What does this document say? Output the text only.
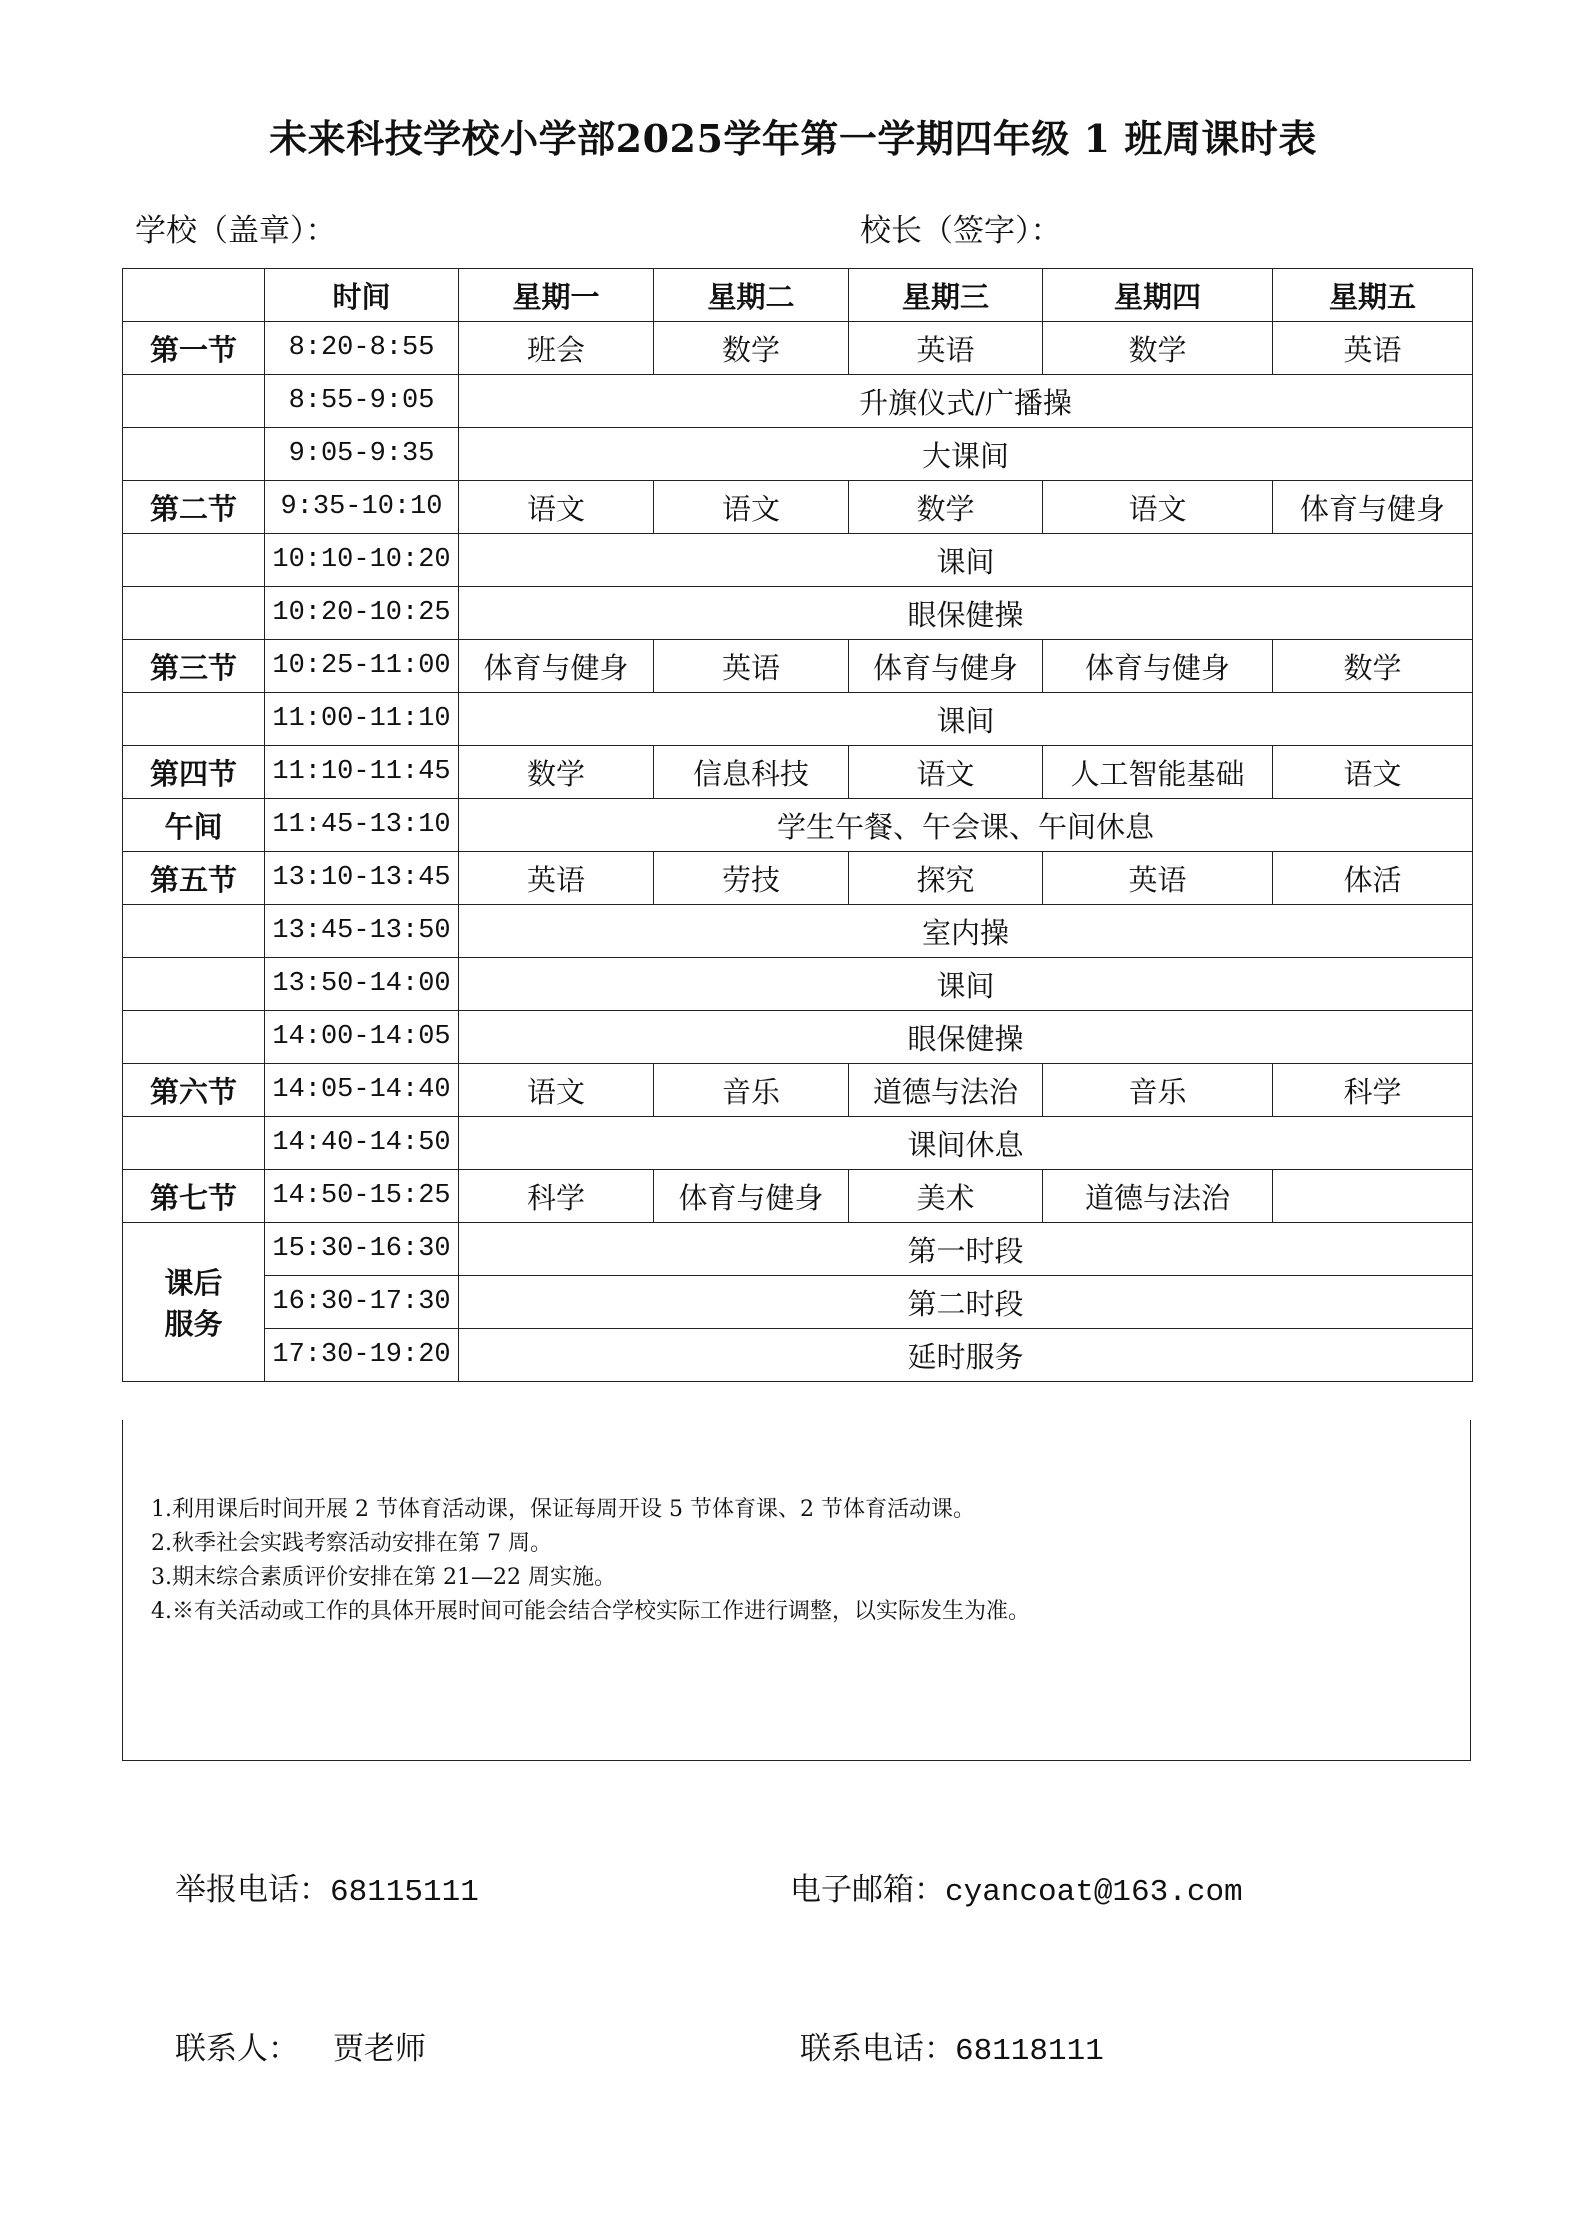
未来科技学校小学部2025学年第一学期四年级 1 班周课时表
学校（盖章）：	校长（签字）：
	时间	星期一	星期二	星期三	星期四	星期五
第一节	8:20-8:55	班会	数学	英语	数学	英语
	8:55-9:05	升旗仪式/广播操				
	9:05-9:35	大课间				
第二节	9:35-10:10	语文	语文	数学	语文	体育与健身
	10:10-10:20	课间				
	10:20-10:25	眼保健操				
第三节	10:25-11:00	体育与健身	英语	体育与健身	体育与健身	数学
	11:00-11:10	课间				
第四节	11:10-11:45	数学	信息科技	语文	人工智能基础	语文
午间	11:45-13:10	学生午餐、午会课、午间休息				
第五节	13:10-13:45	英语	劳技	探究	英语	体活
	13:45-13:50	室内操				
	13:50-14:00	课间				
	14:00-14:05	眼保健操				
第六节	14:05-14:40	语文	音乐	道德与法治	音乐	科学
	14:40-14:50	课间休息				
第七节	14:50-15:25	科学	体育与健身	美术	道德与法治	

课后
服务	15:30-16:30	第一时段				
	16:30-17:30	第二时段				
	17:30-19:20	延时服务				
1.利用课后时间开展 2 节体育活动课，保证每周开设 5 节体育课、2 节体育活动课。
2.秋季社会实践考察活动安排在第 7 周。
3.期末综合素质评价安排在第 21—22 周实施。
4.※有关活动或工作的具体开展时间可能会结合学校实际工作进行调整，以实际发生为准。
举报电话：68115111	电子邮箱：cyancoat@163.com
联系人： 贾老师	联系电话：68118111
